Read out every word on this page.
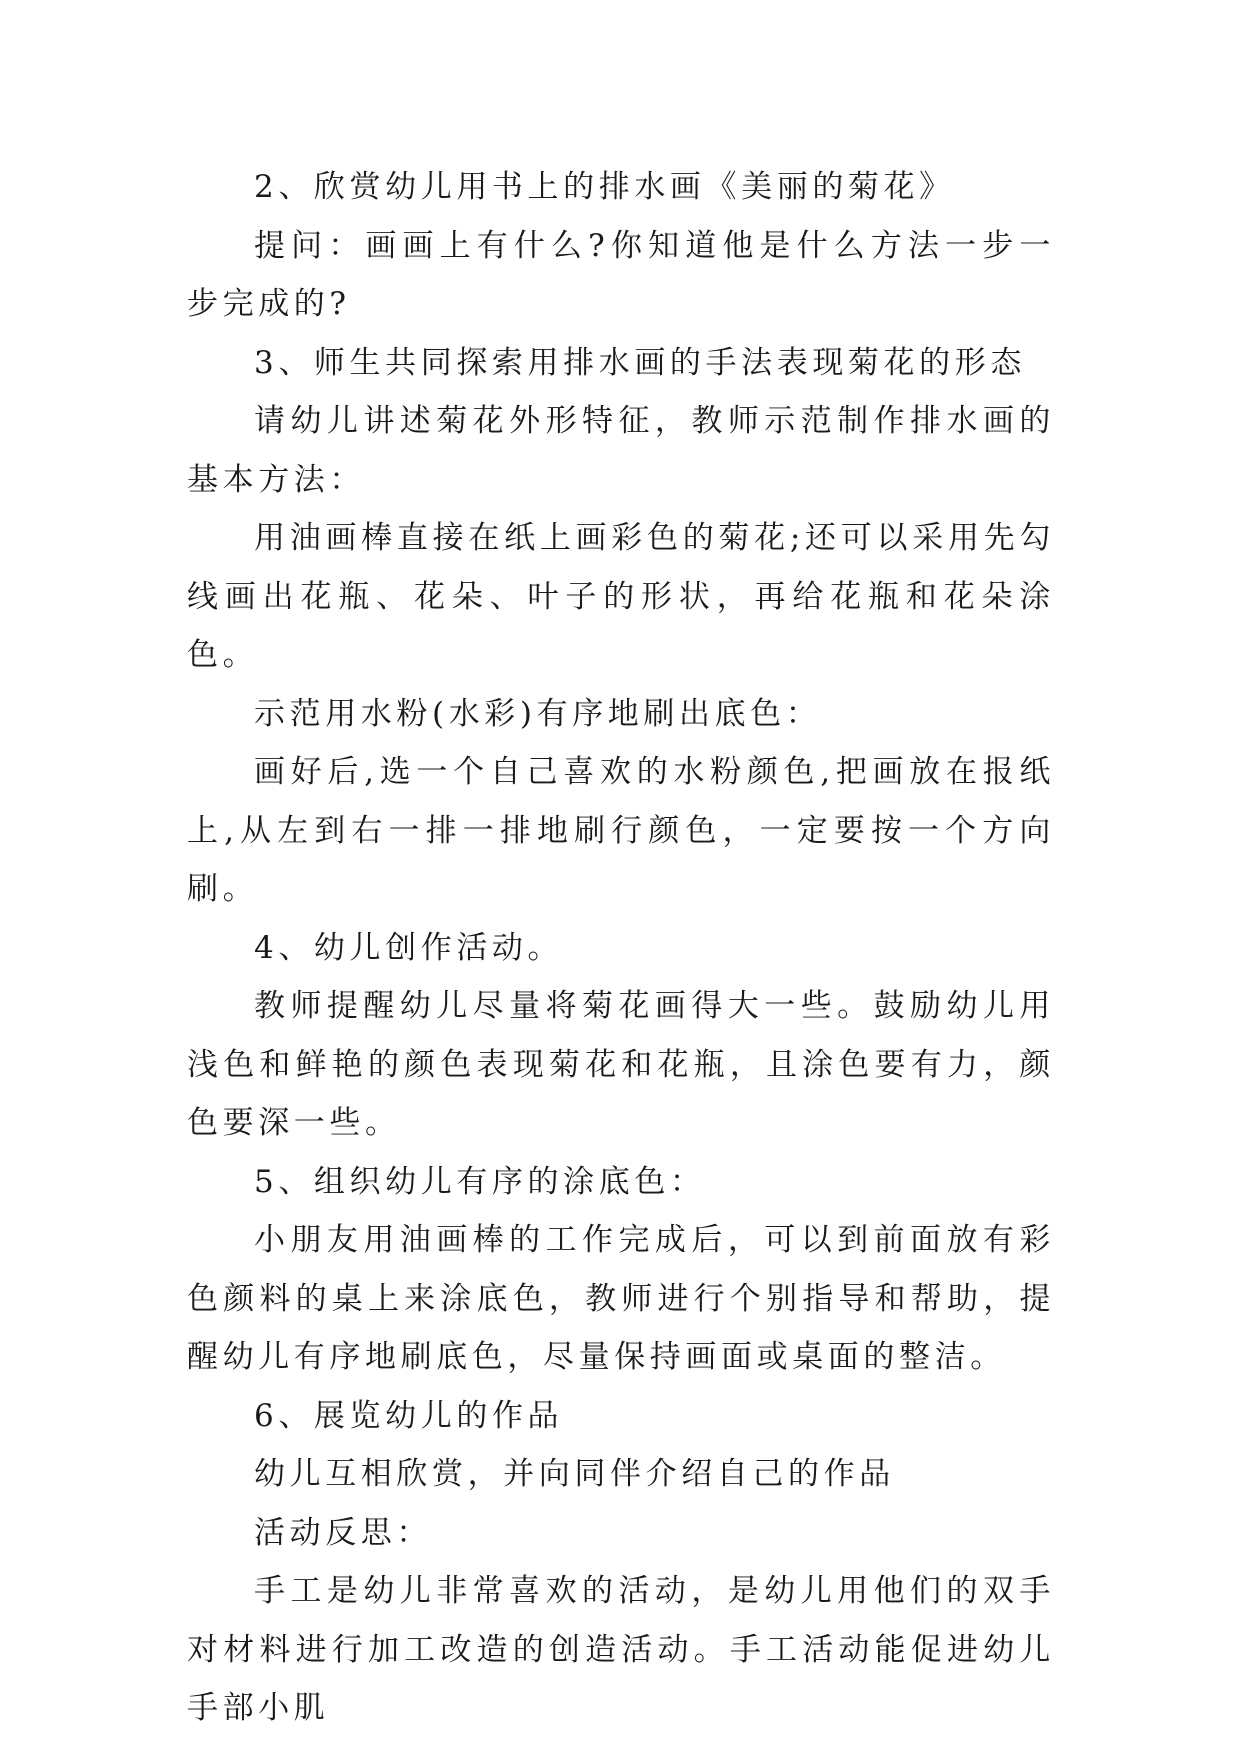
2、欣赏幼儿用书上的排水画《美丽的菊花》

提问：画画上有什么?你知道他是什么方法一步一步完成的?

3、师生共同探索用排水画的手法表现菊花的形态

请幼儿讲述菊花外形特征，教师示范制作排水画的基本方法：

用油画棒直接在纸上画彩色的菊花;还可以采用先勾线画出花瓶、花朵、叶子的形状，再给花瓶和花朵涂色。

示范用水粉(水彩)有序地刷出底色：

画好后,选一个自己喜欢的水粉颜色,把画放在报纸上,从左到右一排一排地刷行颜色，一定要按一个方向刷。

4、幼儿创作活动。

教师提醒幼儿尽量将菊花画得大一些。鼓励幼儿用浅色和鲜艳的颜色表现菊花和花瓶，且涂色要有力，颜色要深一些。

5、组织幼儿有序的涂底色：

小朋友用油画棒的工作完成后，可以到前面放有彩色颜料的桌上来涂底色，教师进行个别指导和帮助，提醒幼儿有序地刷底色，尽量保持画面或桌面的整洁。

6、展览幼儿的作品

幼儿互相欣赏，并向同伴介绍自己的作品

活动反思：

手工是幼儿非常喜欢的活动，是幼儿用他们的双手对材料进行加工改造的创造活动。手工活动能促进幼儿手部小肌
